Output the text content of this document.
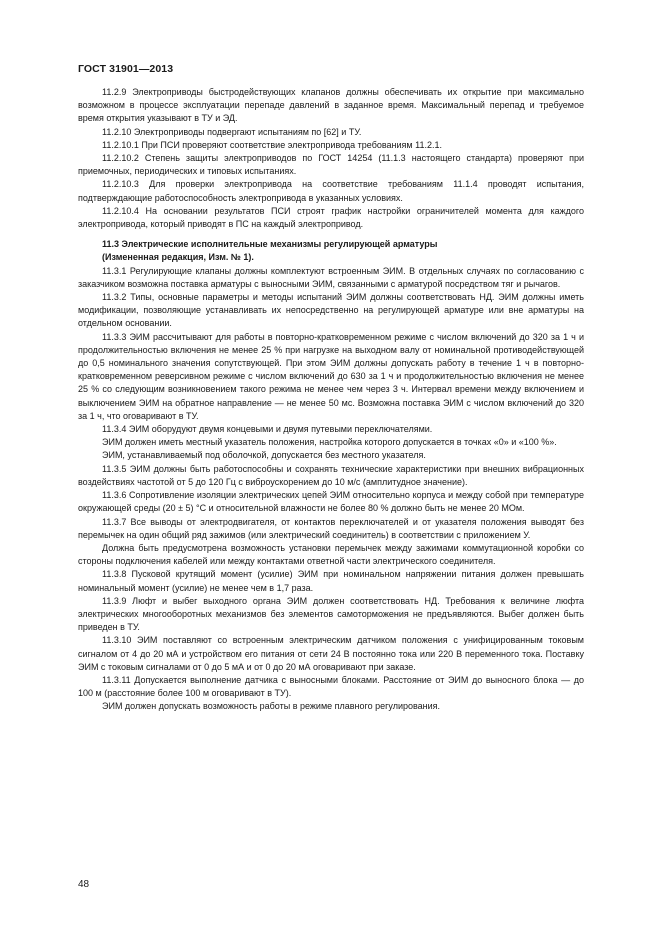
ГОСТ 31901—2013

11.2.9 Электроприводы быстродействующих клапанов должны обеспечивать их открытие при максимально возможном в процессе эксплуатации перепаде давлений в заданное время. Максимальный перепад и требуемое время открытия указывают в ТУ и ЭД.

11.2.10 Электроприводы подвергают испытаниям по [62] и ТУ.

11.2.10.1 При ПСИ проверяют соответствие электропривода требованиям 11.2.1.

11.2.10.2 Степень защиты электроприводов по ГОСТ 14254 (11.1.3 настоящего стандарта) проверяют при приемочных, периодических и типовых испытаниях.

11.2.10.3 Для проверки электропривода на соответствие требованиям 11.1.4 проводят испытания, подтверждающие работоспособность электропривода в указанных условиях.

11.2.10.4 На основании результатов ПСИ строят график настройки ограничителей момента для каждого электропривода, который приводят в ПС на каждый электропривод.

11.3 Электрические исполнительные механизмы регулирующей арматуры

(Измененная редакция, Изм. № 1).

11.3.1 Регулирующие клапаны должны комплектуют встроенным ЭИМ. В отдельных случаях по согласованию с заказчиком возможна поставка арматуры с выносными ЭИМ, связанными с арматурой посредством тяг и рычагов.

11.3.2 Типы, основные параметры и методы испытаний ЭИМ должны соответствовать НД. ЭИМ должны иметь модификации, позволяющие устанавливать их непосредственно на регулирующей арматуре или вне арматуры на отдельном основании.

11.3.3 ЭИМ рассчитывают для работы в повторно-кратковременном режиме с числом включений до 320 за 1 ч и продолжительностью включения не менее 25 % при нагрузке на выходном валу от номинальной противодействующей до 0,5 номинального значения сопутствующей. При этом ЭИМ должны допускать работу в течение 1 ч в повторно-кратковременном реверсивном режиме с числом включений до 630 за 1 ч и продолжительностью включения не менее 25 % со следующим возникновением такого режима не менее чем через 3 ч. Интервал времени между включением и выключением ЭИМ на обратное направление — не менее 50 мс. Возможна поставка ЭИМ с числом включений до 320 за 1 ч, что оговаривают в ТУ.

11.3.4 ЭИМ оборудуют двумя концевыми и двумя путевыми переключателями.

ЭИМ должен иметь местный указатель положения, настройка которого допускается в точках «0» и «100 %».

ЭИМ, устанавливаемый под оболочкой, допускается без местного указателя.

11.3.5 ЭИМ должны быть работоспособны и сохранять технические характеристики при внешних вибрационных воздействиях частотой от 5 до 120 Гц с виброускорением до 10 м/с (амплитудное значение).

11.3.6 Сопротивление изоляции электрических цепей ЭИМ относительно корпуса и между собой при температуре окружающей среды (20 ± 5) °С и относительной влажности не более 80 % должно быть не менее 20 МОм.

11.3.7 Все выводы от электродвигателя, от контактов переключателей и от указателя положения выводят без перемычек на один общий ряд зажимов (или электрический соединитель) в соответствии с приложением У.

Должна быть предусмотрена возможность установки перемычек между зажимами коммутационной коробки со стороны подключения кабелей или между контактами ответной части электрического соединителя.

11.3.8 Пусковой крутящий момент (усилие) ЭИМ при номинальном напряжении питания должен превышать номинальный момент (усилие) не менее чем в 1,7 раза.

11.3.9 Люфт и выбег выходного органа ЭИМ должен соответствовать НД. Требования к величине люфта электрических многооборотных механизмов без элементов самоторможения не предъявляются. Выбег должен быть приведен в ТУ.

11.3.10 ЭИМ поставляют со встроенным электрическим датчиком положения с унифицированным токовым сигналом от 4 до 20 мА и устройством его питания от сети 24 В постоянно тока или 220 В переменного тока. Поставку ЭИМ с токовым сигналами от 0 до 5 мА и от 0 до 20 мА оговаривают при заказе.

11.3.11 Допускается выполнение датчика с выносными блоками. Расстояние от ЭИМ до выносного блока — до 100 м (расстояние более 100 м оговаривают в ТУ).

ЭИМ должен допускать возможность работы в режиме плавного регулирования.

48
